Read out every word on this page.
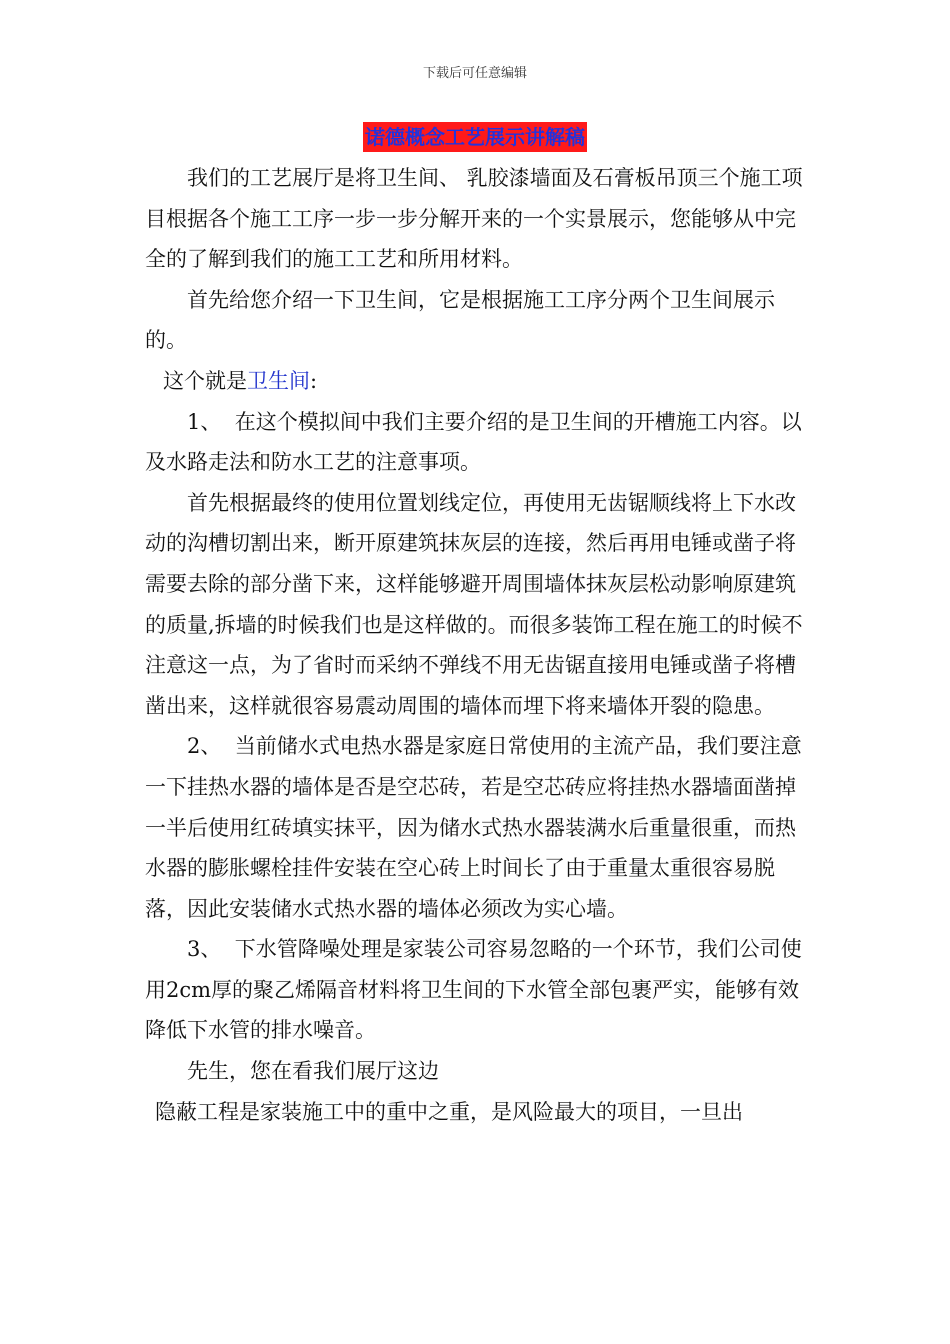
下载后可任意编辑
诺德概念工艺展示讲解稿

我们的工艺展厅是将卫生间、 乳胶漆墙面及石膏板吊顶三个施工项目根据各个施工工序一步一步分解开来的一个实景展示，您能够从中完全的了解到我们的施工工艺和所用材料。

首先给您介绍一下卫生间，它是根据施工工序分两个卫生间展示的。

这个就是卫生间:

1、  在这个模拟间中我们主要介绍的是卫生间的开槽施工内容。以及水路走法和防水工艺的注意事项。

首先根据最终的使用位置划线定位，再使用无齿锯顺线将上下水改动的沟槽切割出来，断开原建筑抹灰层的连接，然后再用电锤或凿子将需要去除的部分凿下来，这样能够避开周围墙体抹灰层松动影响原建筑的质量,拆墙的时候我们也是这样做的。而很多装饰工程在施工的时候不注意这一点，为了省时而采纳不弹线不用无齿锯直接用电锤或凿子将槽凿出来，这样就很容易震动周围的墙体而埋下将来墙体开裂的隐患。

2、  当前储水式电热水器是家庭日常使用的主流产品，我们要注意一下挂热水器的墙体是否是空芯砖，若是空芯砖应将挂热水器墙面凿掉一半后使用红砖填实抹平，因为储水式热水器装满水后重量很重，而热水器的膨胀螺栓挂件安装在空心砖上时间长了由于重量太重很容易脱落，因此安装储水式热水器的墙体必须改为实心墙。

3、  下水管降噪处理是家装公司容易忽略的一个环节，我们公司使用2cm厚的聚乙烯隔音材料将卫生间的下水管全部包裹严实，能够有效降低下水管的排水噪音。

先生，您在看我们展厅这边

隐蔽工程是家装施工中的重中之重，是风险最大的项目，一旦出
